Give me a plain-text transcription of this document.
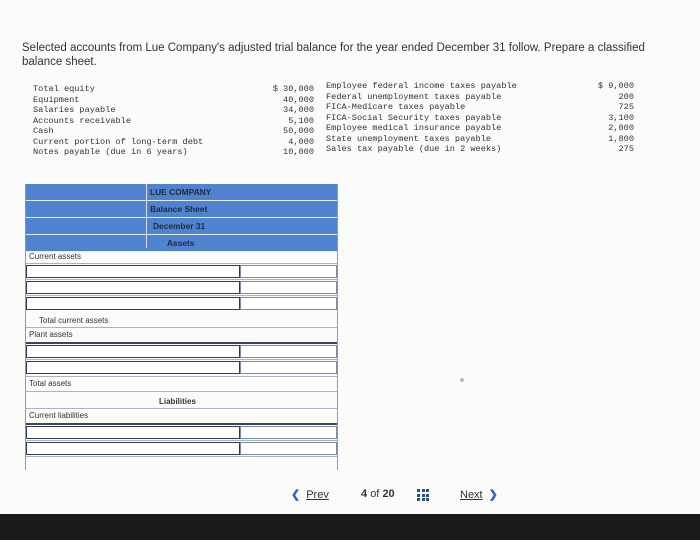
Selected accounts from Lue Company's adjusted trial balance for the year ended December 31 follow. Prepare a classified balance sheet.
Total equity
Equipment
Salaries payable
Accounts receivable
Cash
Current portion of long-term debt
Notes payable (due in 6 years)
$ 30,000
40,000
34,000
5,100
50,000
4,000
10,000
Employee federal income taxes payable
Federal unemployment taxes payable
FICA-Medicare taxes payable
FICA-Social Security taxes payable
Employee medical insurance payable
State unemployment taxes payable
Sales tax payable (due in 2 weeks)
$ 9,000
200
725
3,100
2,000
1,800
275
LUE COMPANY
Balance Sheet
December 31
Assets
Current assets
Total current assets
Plant assets
Total assets
Liabilities
Current liabilities
❮ Prev	4 of 20	Next ❯
